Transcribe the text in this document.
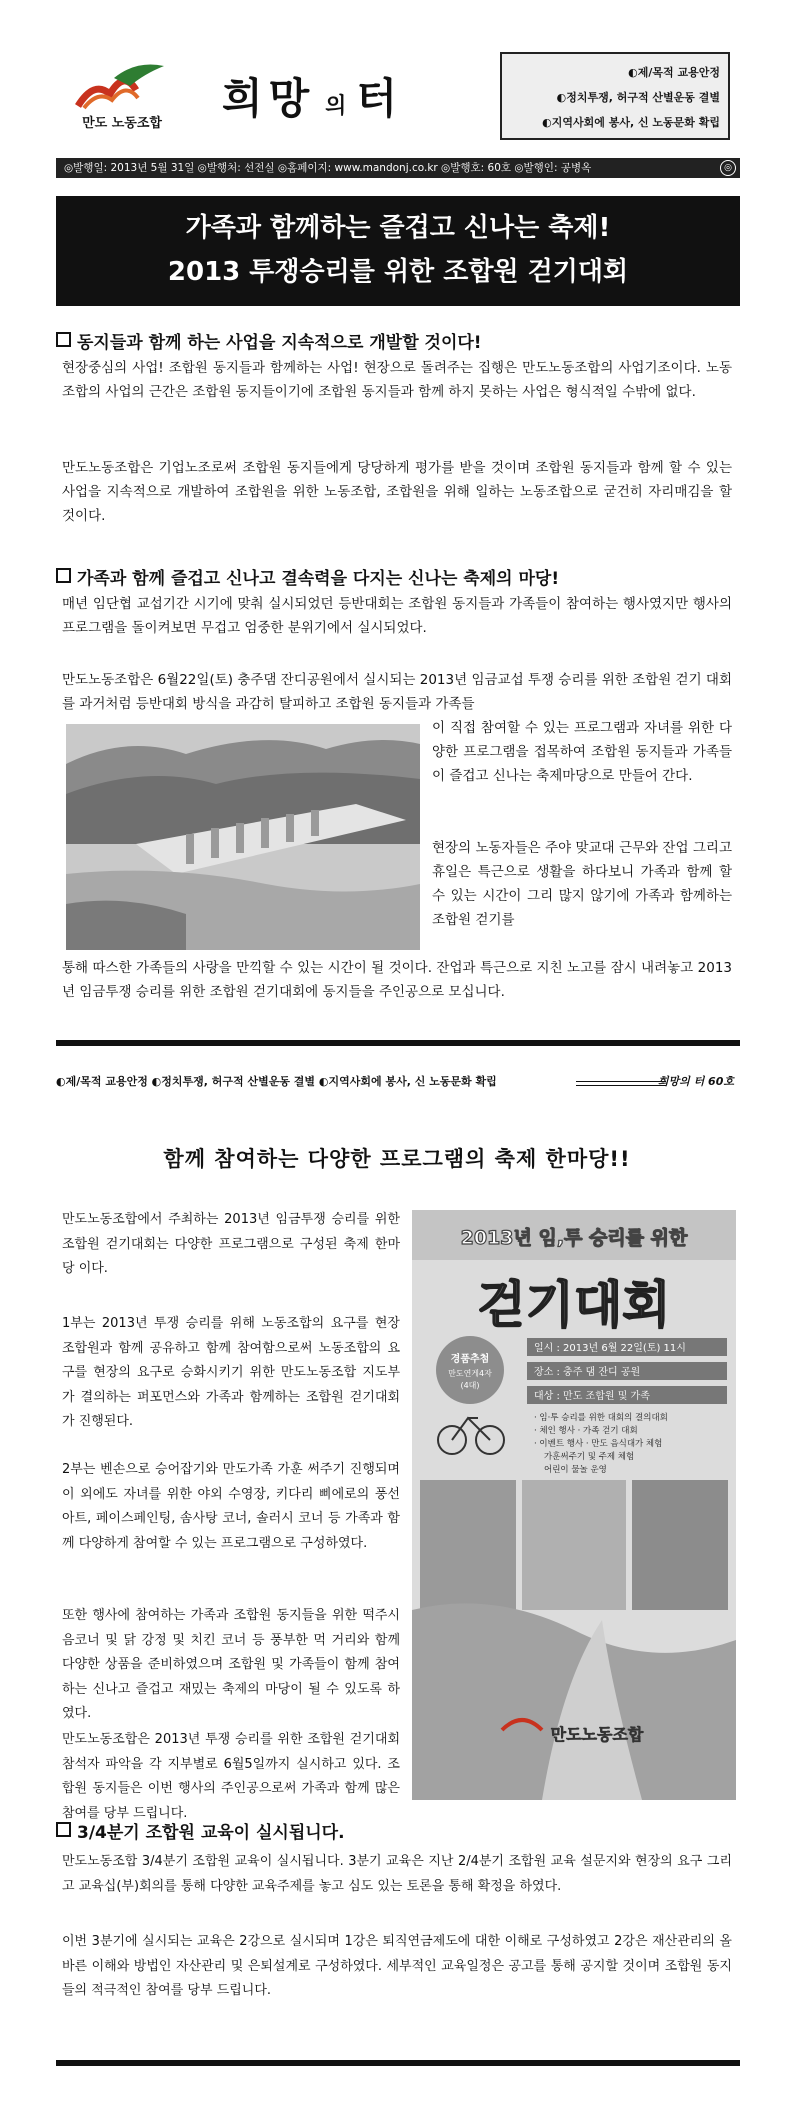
만도 노동조합
희망 의 터
◐제/목적 교용안정
◐정치투쟁, 허구적 산별운동 결별
◐지역사회에 봉사, 신 노동문화 확립
◎발행일: 2013년 5월 31일 ◎발행처: 선전실 ◎홈페이지: www.mandonj.co.kr ◎발행호: 60호 ◎발행인: 공병옥	◎
가족과 함께하는 즐겁고 신나는 축제!
2013 투쟁승리를 위한 조합원 걷기대회
동지들과 함께 하는 사업을 지속적으로 개발할 것이다!
현장중심의 사업! 조합원 동지들과 함께하는 사업! 현장으로 돌려주는 집행은 만도노동조합의 사업기조이다. 노동조합의 사업의 근간은 조합원 동지들이기에 조합원 동지들과 함께 하지 못하는 사업은 형식적일 수밖에 없다.
만도노동조합은 기업노조로써 조합원 동지들에게 당당하게 평가를 받을 것이며 조합원 동지들과 함께 할 수 있는 사업을 지속적으로 개발하여 조합원을 위한 노동조합, 조합원을 위해 일하는 노동조합으로 굳건히 자리매김을 할 것이다.
가족과 함께 즐겁고 신나고 결속력을 다지는 신나는 축제의 마당!
매년 임단협 교섭기간 시기에 맞춰 실시되었던 등반대회는 조합원 동지들과 가족들이 참여하는 행사였지만 행사의 프로그램을 돌이켜보면 무겁고 엄중한 분위기에서 실시되었다.
만도노동조합은 6월22일(토) 충주댐 잔디공원에서 실시되는 2013년 임금교섭 투쟁 승리를 위한 조합원 걷기 대회를 과거처럼 등반대회 방식을 과감히 탈피하고 조합원 동지들과 가족들
이 직접 참여할 수 있는 프로그램과 자녀를 위한 다양한 프로그램을 접목하여 조합원 동지들과 가족들이 즐겁고 신나는 축제마당으로 만들어 간다.
현장의 노동자들은 주야 맞교대 근무와 잔업 그리고 휴일은 특근으로 생활을 하다보니 가족과 함께 할 수 있는 시간이 그리 많지 않기에 가족과 함께하는 조합원 걷기를
통해 따스한 가족들의 사랑을 만끽할 수 있는 시간이 될 것이다. 잔업과 특근으로 지친 노고를 잠시 내려놓고 2013년 임금투쟁 승리를 위한 조합원 걷기대회에 동지들을 주인공으로 모십니다.
◐제/목적 교용안정 ◐정치투쟁, 허구적 산별운동 결별 ◐지역사회에 봉사, 신 노동문화 확립	희망의 터 60호
함께 참여하는 다양한 프로그램의 축제 한마당!!
만도노동조합에서 주최하는 2013년 임금투쟁 승리를 위한 조합원 걷기대회는 다양한 프로그램으로 구성된 축제 한마당 이다.
1부는 2013년 투쟁 승리를 위해 노동조합의 요구를 현장 조합원과 함께 공유하고 함께 참여함으로써 노동조합의 요구를 현장의 요구로 승화시키기 위한 만도노동조합 지도부가 결의하는 퍼포먼스와 가족과 함께하는 조합원 걷기대회가 진행된다.
2부는 벤손으로 승어잡기와 만도가족 가훈 써주기 진행되며 이 외에도 자녀를 위한 야외 수영장, 키다리 삐에로의 풍선아트, 페이스페인팅, 솜사탕 코너, 솔러시 코너 등 가족과 함께 다양하게 참여할 수 있는 프로그램으로 구성하였다.
또한 행사에 참여하는 가족과 조합원 동지들을 위한 떡주시음코너 및 닭 강정 및 치킨 코너 등 풍부한 먹 거리와 함께 다양한 상품을 준비하였으며 조합원 및 가족들이 함께 참여하는 신나고 즐겁고 재밌는 축제의 마당이 될 수 있도록 하였다.
만도노동조합은 2013년 투쟁 승리를 위한 조합원 걷기대회 참석자 파악을 각 지부별로 6월5일까지 실시하고 있다. 조합원 동지들은 이번 행사의 주인공으로써 가족과 함께 많은 참여를 당부 드립니다.
2013년 임,투 승리를 위한
걷기대회
경품추첨
만도연게4자
(4대)
일시 : 2013년 6월 22일(토) 11시
장소 : 충주 댐 잔디 공원
대상 : 만도 조합원 및 가족
· 임·투 승리를 위한 대회의 결의대회
· 체인 행사 · 가족 걷기 대회
· 이벤트 행사 · 만도 음식대가 체험
가훈써주기 및 주제 체험
어린이 물놀 운영
만도노동조합
3/4분기 조합원 교육이 실시됩니다.
만도노동조합 3/4분기 조합원 교육이 실시됩니다. 3분기 교육은 지난 2/4분기 조합원 교육 설문지와 현장의 요구 그리고 교육십(부)회의를 통해 다양한 교육주제를 놓고 심도 있는 토론을 통해 확정을 하였다.
이번 3분기에 실시되는 교육은 2강으로 실시되며 1강은 퇴직연금제도에 대한 이해로 구성하였고 2강은 재산관리의 올바른 이해와 방법인 자산관리 및 은퇴설계로 구성하였다. 세부적인 교육일정은 공고를 통해 공지할 것이며 조합원 동지들의 적극적인 참여를 당부 드립니다.
